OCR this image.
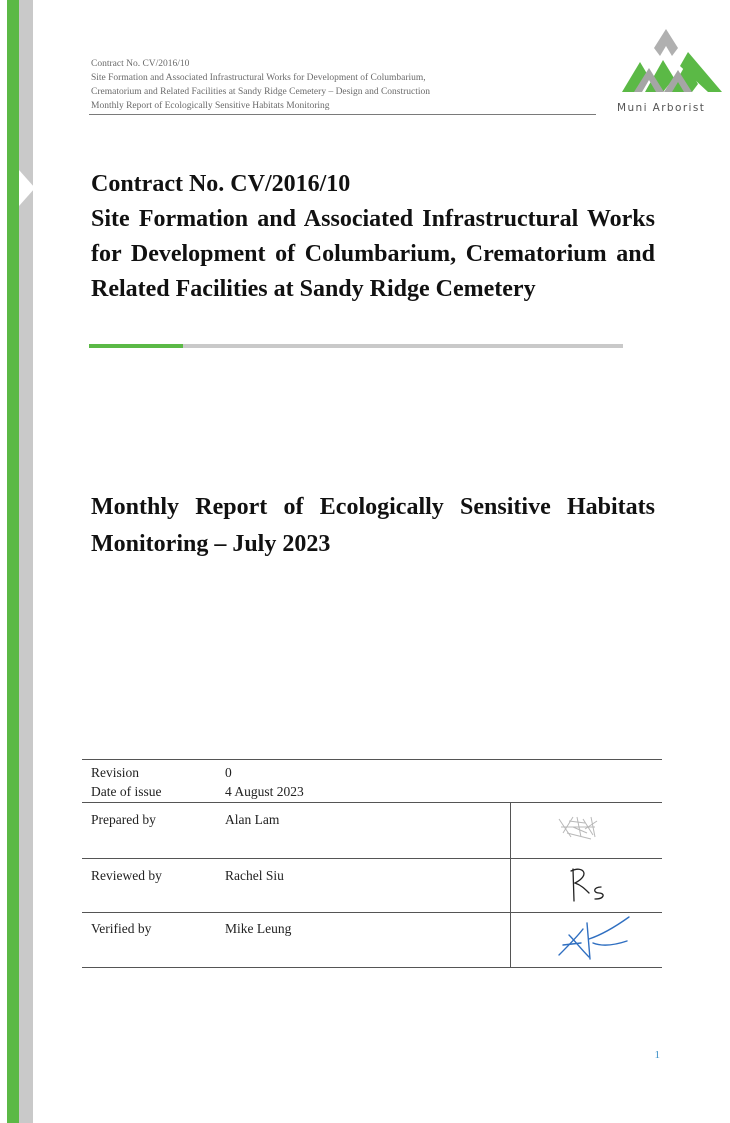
Contract No. CV/2016/10
Site Formation and Associated Infrastructural Works for Development of Columbarium,
Crematorium and Related Facilities at Sandy Ridge Cemetery – Design and Construction
Monthly Report of Ecologically Sensitive Habitats Monitoring	Muni Arborist
Contract No. CV/2016/10
Site Formation and Associated Infrastructural Works for Development of Columbarium, Crematorium and Related Facilities at Sandy Ridge Cemetery
Monthly Report of Ecologically Sensitive Habitats Monitoring – July 2023
Revision	0
Date of issue	4 August 2023
Prepared by	Alan Lam
Reviewed by	Rachel Siu
Verified by	Mike Leung
1
